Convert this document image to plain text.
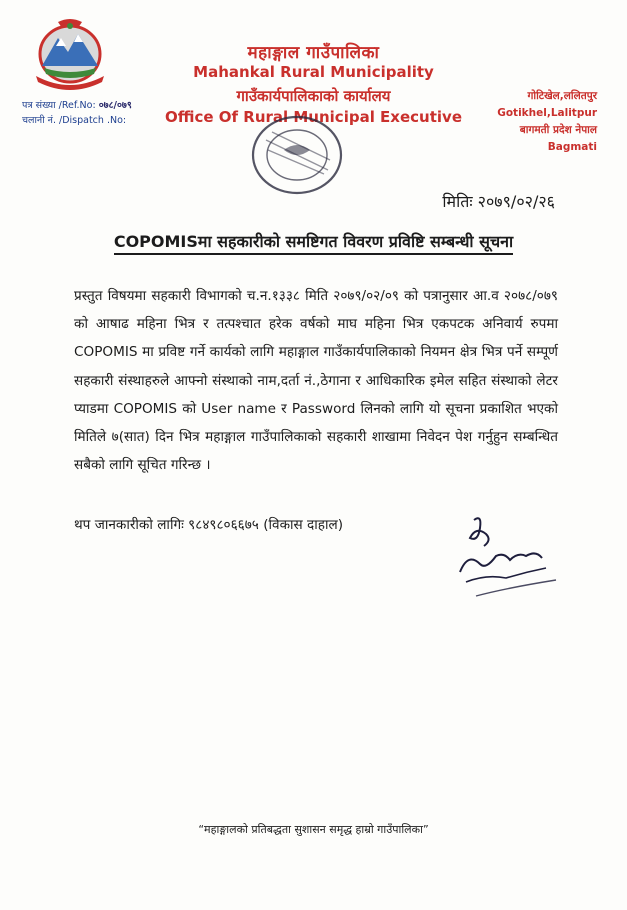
महाङ्गाल गाउँपालिका
Mahankal Rural Municipality
गाउँकार्यपालिकाको कार्यालय
Office Of Rural Municipal Executive
पत्र संख्या /Ref.No: ०७८/०७९
चलानी नं. /Dispatch .No:
गोटिखेल,ललितपुर
Gotikhel,Lalitpur
बागमती प्रदेश नेपाल
Bagmati
मितिः २०७९/०२/२६
COPOMISमा सहकारीको समष्टिगत विवरण प्रविष्टि सम्बन्धी सूचना
प्रस्तुत विषयमा सहकारी विभागको च.न.१३३८ मिति २०७९/०२/०९ को पत्रानुसार आ.व २०७८/०७९ को आषाढ महिना भित्र र तत्पश्चात हरेक वर्षको माघ महिना भित्र एकपटक अनिवार्य रुपमा COPOMIS मा प्रविष्ट गर्ने कार्यको लागि महाङ्गाल गाउँकार्यपालिकाको नियमन क्षेत्र भित्र पर्ने सम्पूर्ण सहकारी संस्थाहरुले आफ्नो संस्थाको नाम,दर्ता नं.,ठेगाना र आधिकारिक इमेल सहित संस्थाको लेटर प्याडमा COPOMIS को User name र Password लिनको लागि यो सूचना प्रकाशित भएको मितिले ७(सात) दिन भित्र महाङ्गाल गाउँपालिकाको सहकारी शाखामा निवेदन पेश गर्नुहुन सम्बन्धित सबैको लागि सूचित गरिन्छ ।
थप जानकारीको लागिः ९८४९८०६६७५ (विकास दाहाल)
“महाङ्गालको प्रतिबद्धता सुशासन समृद्ध हाम्रो गाउँपालिका”
